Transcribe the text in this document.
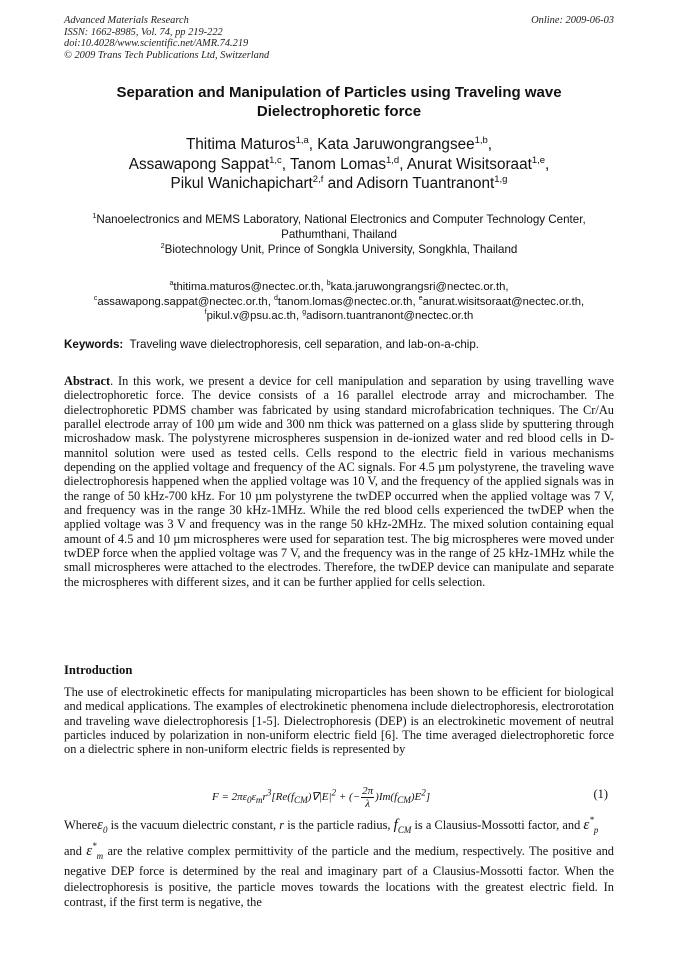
Advanced Materials Research
ISSN: 1662-8985, Vol. 74, pp 219-222
doi:10.4028/www.scientific.net/AMR.74.219
© 2009 Trans Tech Publications Ltd, Switzerland
Online: 2009-06-03
Separation and Manipulation of Particles using Traveling wave
Dielectrophoretic force
Thitima Maturos$^{1,a}$, Kata Jaruwongrangsee$^{1,b}$,
Assawapong Sappat$^{1,c}$, Tanom Lomas$^{1,d}$, Anurat Wisitsoraat$^{1,e}$,
Pikul Wanichapichart$^{2,f}$ and Adisorn Tuantranont$^{1,g}$
$^1$Nanoelectronics and MEMS Laboratory, National Electronics and Computer Technology Center,
Pathumthani, Thailand
$^2$Biotechnology Unit, Prince of Songkla University, Songkhla, Thailand
$^a$thitima.maturos@nectec.or.th, $^b$kata.jaruwongrangsri@nectec.or.th,
$^c$assawapong.sappat@nectec.or.th, $^d$tanom.lomas@nectec.or.th, $^e$anurat.wisitsoraat@nectec.or.th,
$^f$pikul.v@psu.ac.th, $^g$adisorn.tuantranont@nectec.or.th
Keywords: Traveling wave dielectrophoresis, cell separation, and lab-on-a-chip.
Abstract. In this work, we present a device for cell manipulation and separation by using travelling wave dielectrophoretic force. The device consists of a 16 parallel electrode array and microchamber. The dielectrophoretic PDMS chamber was fabricated by using standard microfabrication techniques. The Cr/Au parallel electrode array of 100 µm wide and 300 nm thick was patterned on a glass slide by sputtering through microshadow mask. The polystyrene microspheres suspension in de-ionized water and red blood cells in D-mannitol solution were used as tested cells. Cells respond to the electric field in various mechanisms depending on the applied voltage and frequency of the AC signals. For 4.5 µm polystyrene, the traveling wave dielectrophoresis happened when the applied voltage was 10 V, and the frequency of the applied signals was in the range of 50 kHz-700 kHz. For 10 µm polystyrene the twDEP occurred when the applied voltage was 7 V, and frequency was in the range 30 kHz-1MHz. While the red blood cells experienced the twDEP when the applied voltage was 3 V and frequency was in the range 50 kHz-2MHz. The mixed solution containing equal amount of 4.5 and 10 µm microspheres were used for separation test. The big microspheres were moved under twDEP force when the applied voltage was 7 V, and the frequency was in the range of 25 kHz-1MHz while the small microspheres were attached to the electrodes. Therefore, the twDEP device can manipulate and separate the microspheres with different sizes, and it can be further applied for cells selection.
Introduction
The use of electrokinetic effects for manipulating microparticles has been shown to be efficient for biological and medical applications. The examples of electrokinetic phenomena include dielectrophoresis, electrorotation and traveling wave dielectrophoresis [1-5]. Dielectrophoresis (DEP) is an electrokinetic movement of neutral particles induced by polarization in non-uniform electric field [6]. The time averaged dielectrophoretic force on a dielectric sphere in non-uniform electric fields is represented by
$F = 2\pi\varepsilon_0\varepsilon_mr^3[Re(f_{CM})\nabla|E|^2$ + (− $\frac{2\pi}{\lambda} )Im(f_{CM})E^2$]	(1)
Whereε$_0$ is the vacuum dielectric constant, r is the particle radius, $f_{CM}$ is a Clausius-Mossotti factor, and $\varepsilon^*_p$      and $\varepsilon^*_m$ are the relative complex permittivity of the particle and the medium, respectively. The positive and negative DEP force is determined by the real and imaginary part of a Clausius-Mossotti factor. When the dielectrophoresis is positive, the particle moves towards the locations with the greatest electric field. In contrast, if the first term is negative, the
